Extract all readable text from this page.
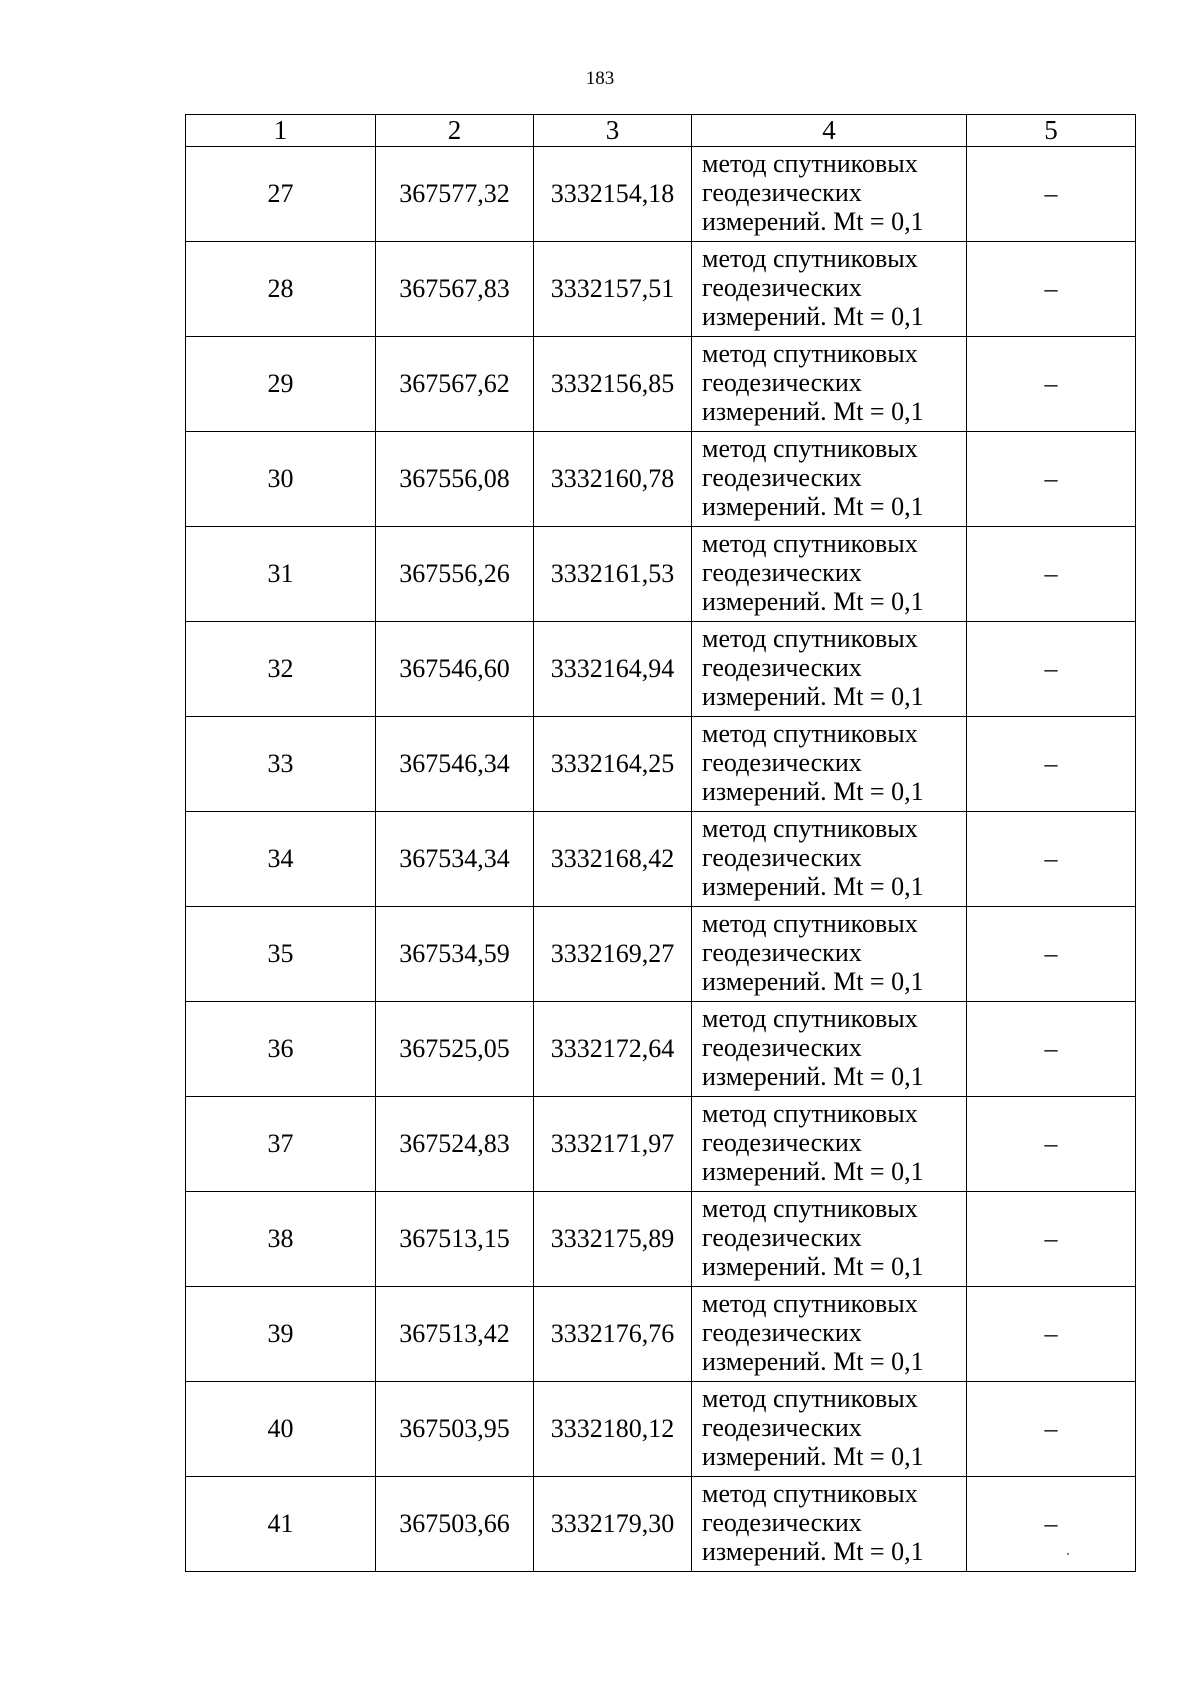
183
1	2	3	4	5
27	367577,32	3332154,18	метод спутниковых
геодезических
измерений. Mt = 0,1	–
28	367567,83	3332157,51	метод спутниковых
геодезических
измерений. Mt = 0,1	–
29	367567,62	3332156,85	метод спутниковых
геодезических
измерений. Mt = 0,1	–
30	367556,08	3332160,78	метод спутниковых
геодезических
измерений. Mt = 0,1	–
31	367556,26	3332161,53	метод спутниковых
геодезических
измерений. Mt = 0,1	–
32	367546,60	3332164,94	метод спутниковых
геодезических
измерений. Mt = 0,1	–
33	367546,34	3332164,25	метод спутниковых
геодезических
измерений. Mt = 0,1	–
34	367534,34	3332168,42	метод спутниковых
геодезических
измерений. Mt = 0,1	–
35	367534,59	3332169,27	метод спутниковых
геодезических
измерений. Mt = 0,1	–
36	367525,05	3332172,64	метод спутниковых
геодезических
измерений. Mt = 0,1	–
37	367524,83	3332171,97	метод спутниковых
геодезических
измерений. Mt = 0,1	–
38	367513,15	3332175,89	метод спутниковых
геодезических
измерений. Mt = 0,1	–
39	367513,42	3332176,76	метод спутниковых
геодезических
измерений. Mt = 0,1	–
40	367503,95	3332180,12	метод спутниковых
геодезических
измерений. Mt = 0,1	–
41	367503,66	3332179,30	метод спутниковых
геодезических
измерений. Mt = 0,1	–
